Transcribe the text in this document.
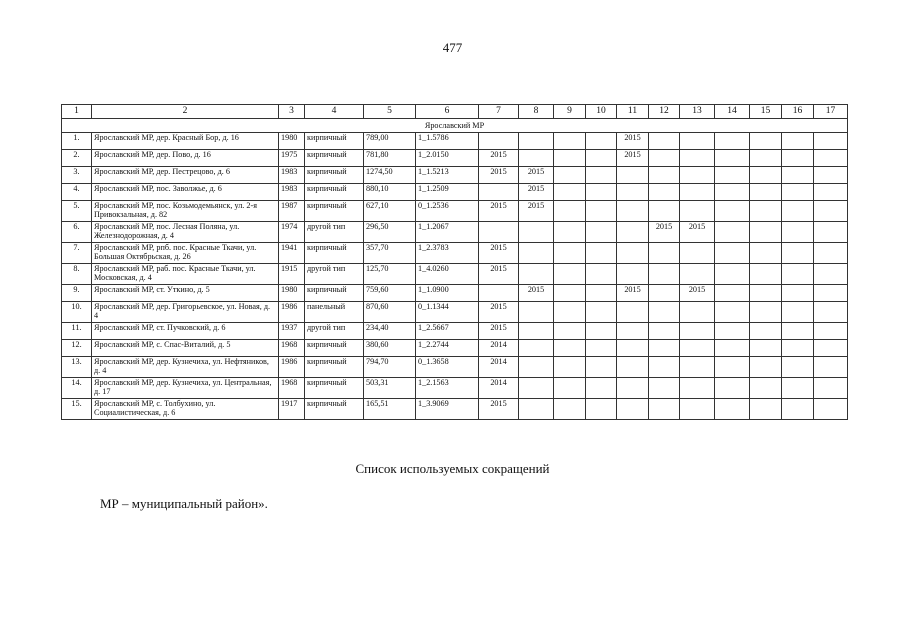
477
1	2	3	4	5	6	7	8	9	10	11	12	13	14	15	16	17
Ярославский МР																
1.	Ярославский МР, дер. Красный Бор, д. 16	1980	кирпичный	789,00	1_1.5786					2015						
2.	Ярославский МР, дер. Пово, д. 16	1975	кирпичный	781,80	1_2.0150	2015				2015						
3.	Ярославский МР, дер. Пестрецово, д. 6	1983	кирпичный	1274,50	1_1.5213	2015	2015									
4.	Ярославский МР, пос. Заволжье, д. 6	1983	кирпичный	880,10	1_1.2509		2015									
5.	Ярославский МР, пос. Козьмодемьянск, ул. 2-я Привокзальная, д. 82	1987	кирпичный	627,10	0_1.2536	2015	2015									
6.	Ярославский МР, пос. Лесная Поляна, ул. Железнодорожная, д. 4	1974	другой тип	296,50	1_1.2067						2015	2015				
7.	Ярославский МР, рпб. пос. Красные Ткачи, ул. Большая Октябрьская, д. 26	1941	кирпичный	357,70	1_2.3783	2015										
8.	Ярославский МР, раб. пос. Красные Ткачи, ул. Московская, д. 4	1915	другой тип	125,70	1_4.0260	2015										
9.	Ярославский МР, ст. Уткино, д. 5	1980	кирпичный	759,60	1_1.0900		2015			2015		2015				
10.	Ярославский МР, дер. Григорьевское, ул. Новая, д. 4	1986	панельный	870,60	0_1.1344	2015										
11.	Ярославский МР, ст. Пучковский, д. 6	1937	другой тип	234,40	1_2.5667	2015										
12.	Ярославский МР, с. Спас-Виталий, д. 5	1968	кирпичный	380,60	1_2.2744	2014										
13.	Ярославский МР, дер. Кузнечиха, ул. Нефтяников, д. 4	1986	кирпичный	794,70	0_1.3658	2014										
14.	Ярославский МР, дер. Кузнечиха, ул. Центральная, д. 17	1968	кирпичный	503,31	1_2.1563	2014										
15.	Ярославский МР, с. Толбухино, ул. Социалистическая, д. 6	1917	кирпичный	165,51	1_3.9069	2015										
Список используемых сокращений
МР – муниципальный район».
